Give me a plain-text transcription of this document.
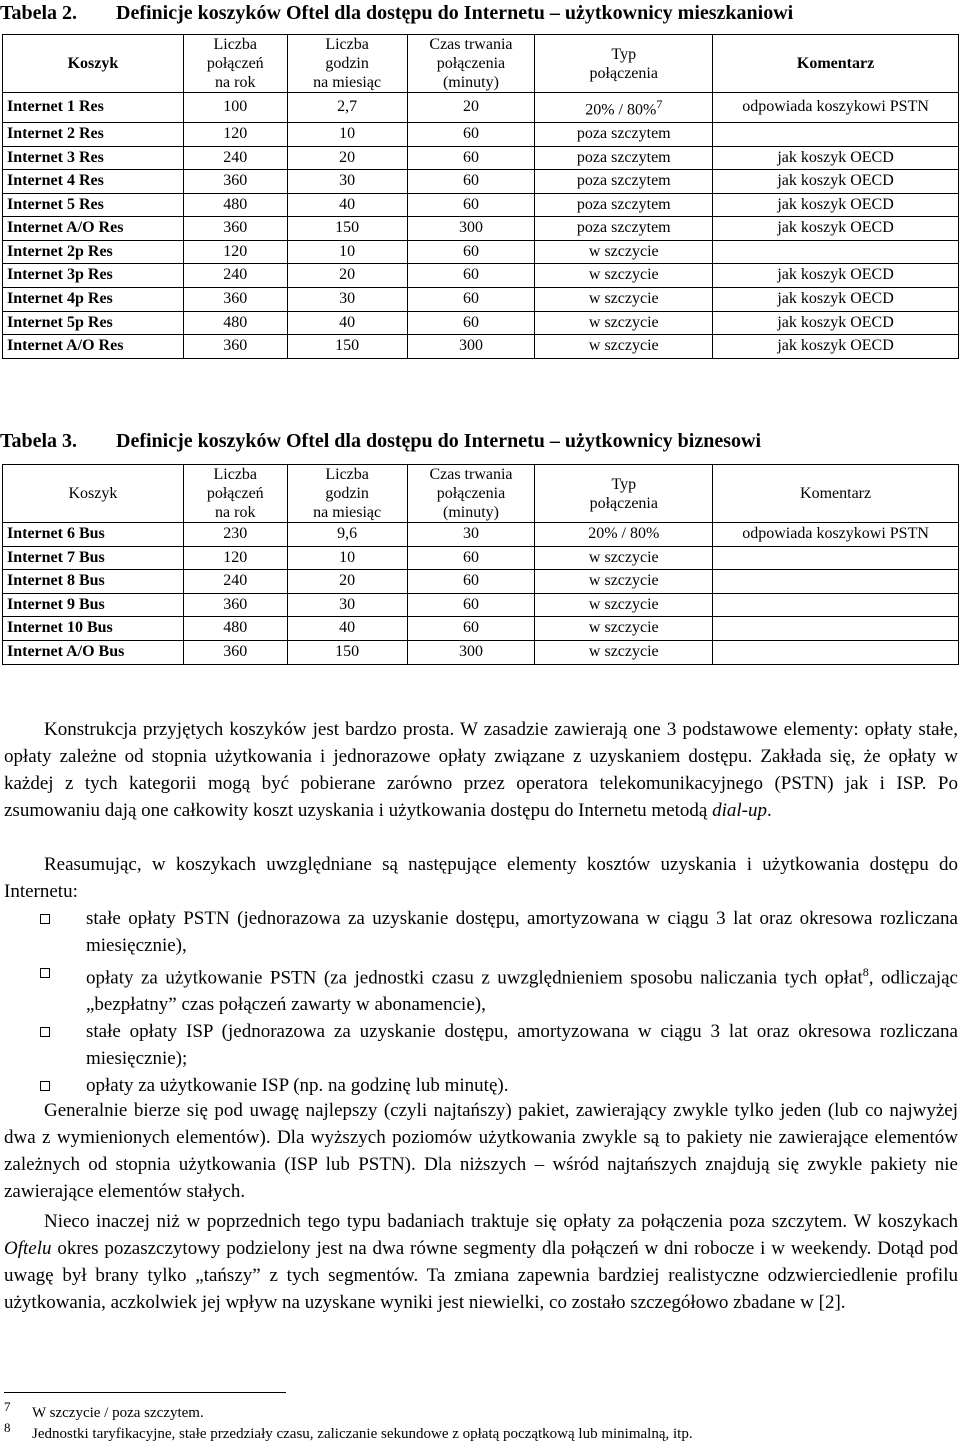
Tabela 2. Definicje koszyków Oftel dla dostępu do Internetu – użytkownicy mieszkaniowi
Koszyk	Liczba
połączeń
na rok	Liczba
godzin
na miesiąc	Czas trwania
połączenia
(minuty)	Typ
połączenia	Komentarz
Internet 1 Res	100	2,7	20	20% / 80%$^7$	odpowiada koszykowi PSTN
Internet 2 Res	120	10	60	poza szczytem	
Internet 3 Res	240	20	60	poza szczytem	jak koszyk OECD
Internet 4 Res	360	30	60	poza szczytem	jak koszyk OECD
Internet 5 Res	480	40	60	poza szczytem	jak koszyk OECD
Internet A/O Res	360	150	300	poza szczytem	jak koszyk OECD
Internet 2p Res	120	10	60	w szczycie	
Internet 3p Res	240	20	60	w szczycie	jak koszyk OECD
Internet 4p Res	360	30	60	w szczycie	jak koszyk OECD
Internet 5p Res	480	40	60	w szczycie	jak koszyk OECD
Internet A/O Res	360	150	300	w szczycie	jak koszyk OECD
Tabela 3. Definicje koszyków Oftel dla dostępu do Internetu – użytkownicy biznesowi
Koszyk	Liczba
połączeń
na rok	Liczba
godzin
na miesiąc	Czas trwania
połączenia
(minuty)	Typ
połączenia	Komentarz
Internet 6 Bus	230	9,6	30	20% / 80%	odpowiada koszykowi PSTN
Internet 7 Bus	120	10	60	w szczycie	
Internet 8 Bus	240	20	60	w szczycie	
Internet 9 Bus	360	30	60	w szczycie	
Internet 10 Bus	480	40	60	w szczycie	
Internet A/O Bus	360	150	300	w szczycie	
Konstrukcja przyjętych koszyków jest bardzo prosta. W zasadzie zawierają one 3 podstawowe elementy: opłaty stałe, opłaty zależne od stopnia użytkowania i jednorazowe opłaty związane z uzyskaniem dostępu. Zakłada się, że opłaty w każdej z tych kategorii mogą być pobierane zarówno przez operatora telekomunikacyjnego (PSTN) jak i ISP. Po zsumowaniu dają one całkowity koszt uzyskania i użytkowania dostępu do Internetu metodą dial-up.
Reasumując, w koszykach uwzględniane są następujące elementy kosztów uzyskania i użytkowania dostępu do Internetu:
stałe opłaty PSTN (jednorazowa za uzyskanie dostępu, amortyzowana w ciągu 3 lat oraz okresowa rozliczana miesięcznie),
opłaty za użytkowanie PSTN (za jednostki czasu z uwzględnieniem sposobu naliczania tych opłat$^8$, odliczając „bezpłatny” czas połączeń zawarty w abonamencie),
stałe opłaty ISP (jednorazowa za uzyskanie dostępu, amortyzowana w ciągu 3 lat oraz okresowa rozliczana miesięcznie);
opłaty za użytkowanie ISP (np. na godzinę lub minutę).
Generalnie bierze się pod uwagę najlepszy (czyli najtańszy) pakiet, zawierający zwykle tylko jeden (lub co najwyżej dwa z wymienionych elementów). Dla wyższych poziomów użytkowania zwykle są to pakiety nie zawierające elementów zależnych od stopnia użytkowania (ISP lub PSTN). Dla niższych – wśród najtańszych znajdują się zwykle pakiety nie zawierające elementów stałych.
Nieco inaczej niż w poprzednich tego typu badaniach traktuje się opłaty za połączenia poza szczytem. W koszykach Oftelu okres pozaszczytowy podzielony jest na dwa równe segmenty dla połączeń w dni robocze i w weekendy. Dotąd pod uwagę był brany tylko „tańszy” z tych segmentów. Ta zmiana zapewnia bardziej realistyczne odzwierciedlenie profilu użytkowania, aczkolwiek jej wpływ na uzyskane wyniki jest niewielki, co zostało szczegółowo zbadane w [2].
7 W szczycie / poza szczytem.
8 Jednostki taryfikacyjne, stałe przedziały czasu, zaliczanie sekundowe z opłatą początkową lub minimalną, itp.
